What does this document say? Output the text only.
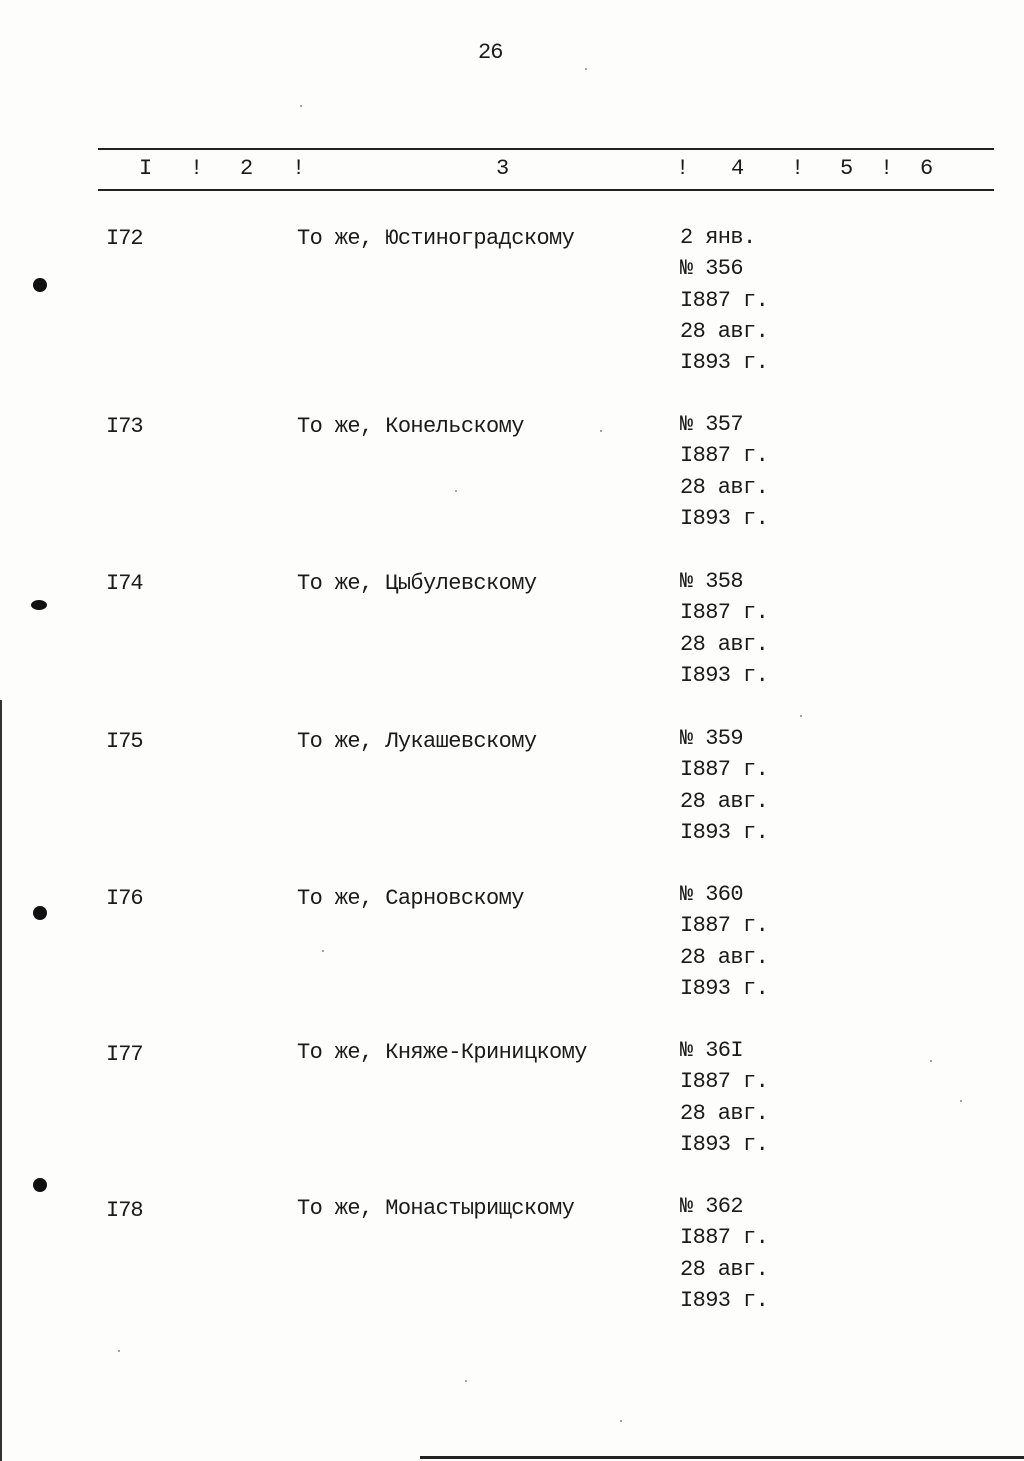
26
I ! 2 !	3	! 4 ! 5 ! 6
I72	То же, Юстиноградскому	2 янв.
№ 356
I887 г.
28 авг.
I893 г.
I73	То же, Конельскому	№ 357
I887 г.
28 авг.
I893 г.
I74	То же, Цыбулевскому	№ 358
I887 г.
28 авг.
I893 г.
I75	То же, Лукашевскому	№ 359
I887 г.
28 авг.
I893 г.
I76	То же, Сарновскому	№ 360
I887 г.
28 авг.
I893 г.
I77	То же, Княже-Криницкому	№ 36I
I887 г.
28 авг.
I893 г.
I78	То же, Монастырищскому	№ 362
I887 г.
28 авг.
I893 г.
